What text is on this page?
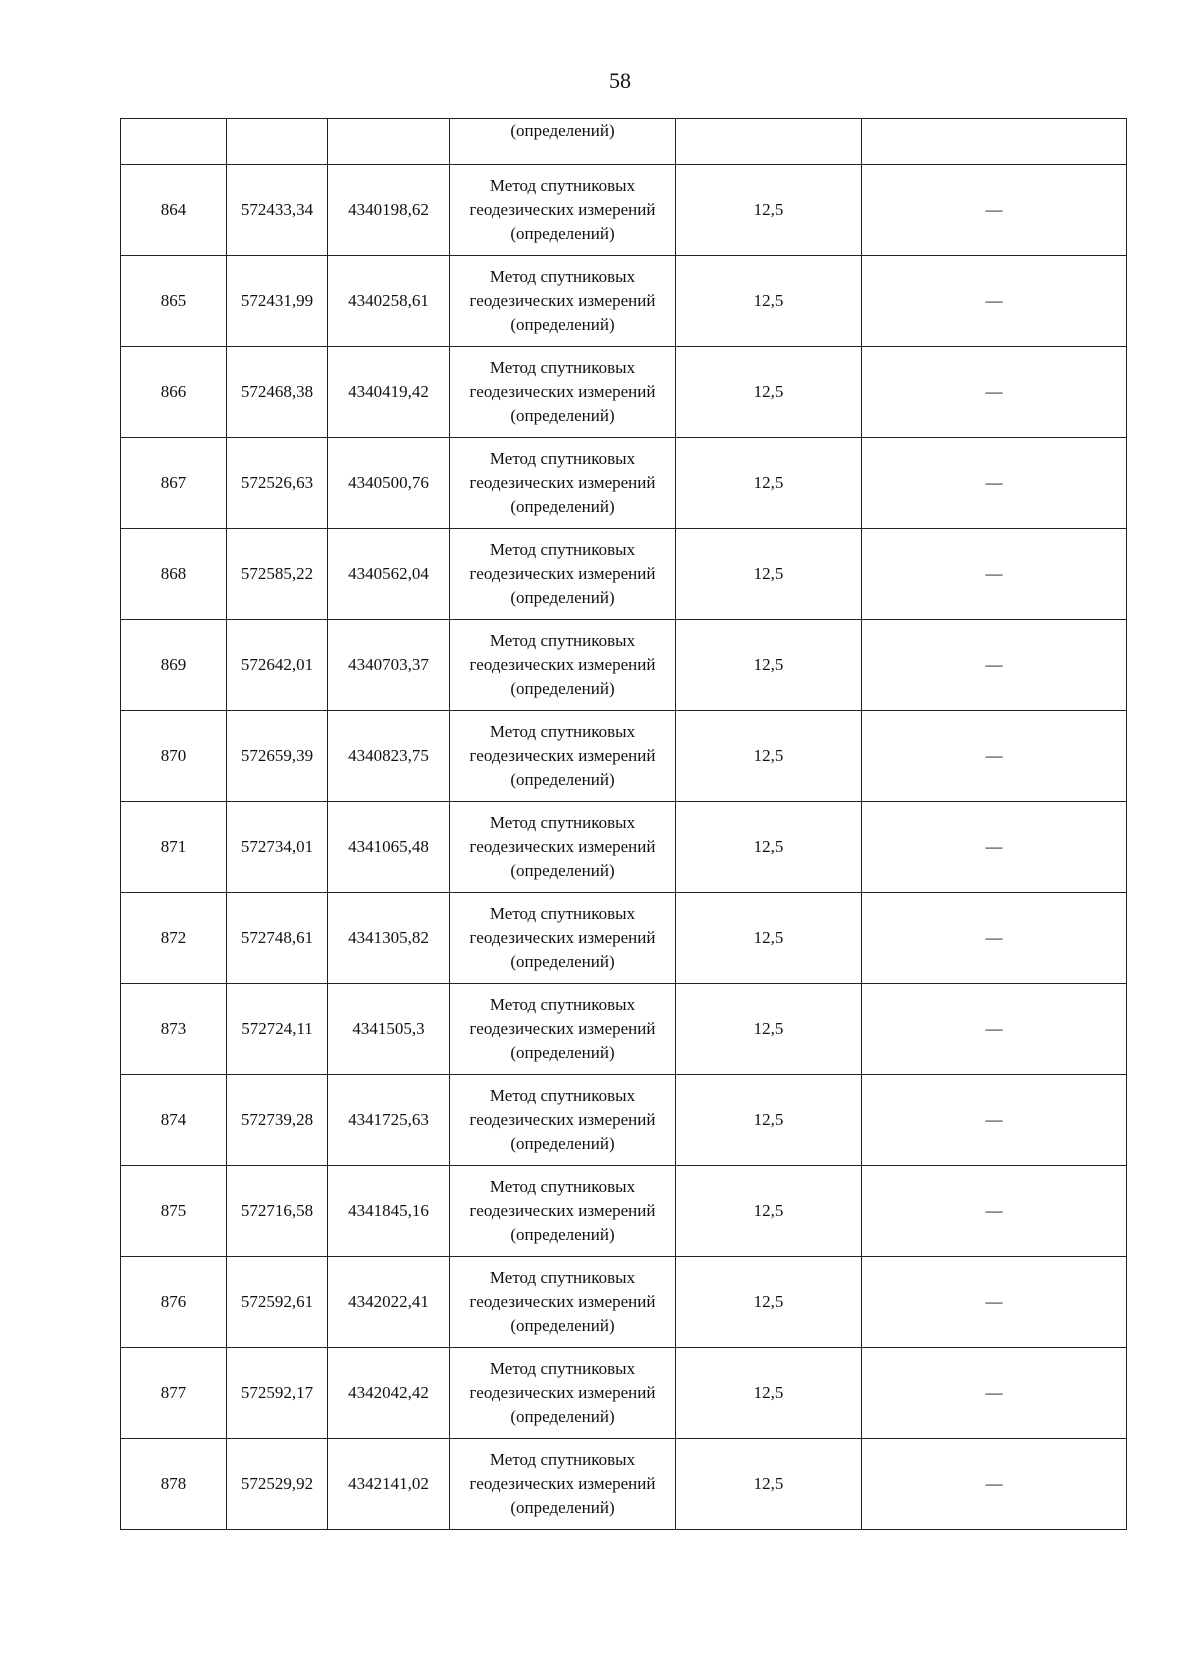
58
			(определений)		
864	572433,34	4340198,62	Метод спутниковых
геодезических измерений
(определений)	12,5	—
865	572431,99	4340258,61	Метод спутниковых
геодезических измерений
(определений)	12,5	—
866	572468,38	4340419,42	Метод спутниковых
геодезических измерений
(определений)	12,5	—
867	572526,63	4340500,76	Метод спутниковых
геодезических измерений
(определений)	12,5	—
868	572585,22	4340562,04	Метод спутниковых
геодезических измерений
(определений)	12,5	—
869	572642,01	4340703,37	Метод спутниковых
геодезических измерений
(определений)	12,5	—
870	572659,39	4340823,75	Метод спутниковых
геодезических измерений
(определений)	12,5	—
871	572734,01	4341065,48	Метод спутниковых
геодезических измерений
(определений)	12,5	—
872	572748,61	4341305,82	Метод спутниковых
геодезических измерений
(определений)	12,5	—
873	572724,11	4341505,3	Метод спутниковых
геодезических измерений
(определений)	12,5	—
874	572739,28	4341725,63	Метод спутниковых
геодезических измерений
(определений)	12,5	—
875	572716,58	4341845,16	Метод спутниковых
геодезических измерений
(определений)	12,5	—
876	572592,61	4342022,41	Метод спутниковых
геодезических измерений
(определений)	12,5	—
877	572592,17	4342042,42	Метод спутниковых
геодезических измерений
(определений)	12,5	—
878	572529,92	4342141,02	Метод спутниковых
геодезических измерений
(определений)	12,5	—
